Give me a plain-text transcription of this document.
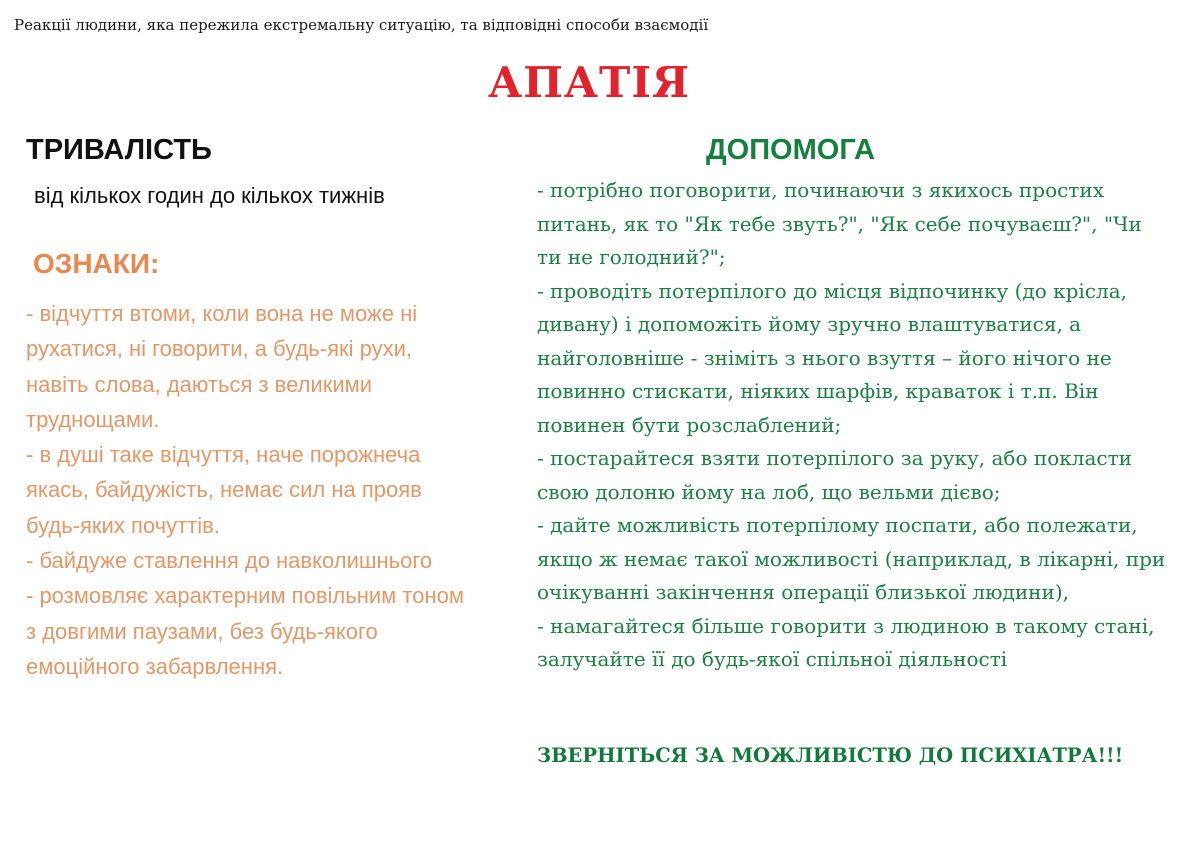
Реакції людини, яка пережила екстремальну ситуацію, та відповідні способи взаємодії
АПАТІЯ
ТРИВАЛІСТЬ
від кількох годин до кількох тижнів
ОЗНАКИ:
- відчуття втоми, коли вона не може ні рухатися, ні говорити, а будь-які рухи, навіть слова, даються з великими труднощами.
- в душі таке відчуття, наче порожнеча якась, байдужість, немає сил на прояв будь-яких почуттів.
- байдуже ставлення до навколишнього
- розмовляє характерним повільним тоном з довгими паузами, без будь-якого емоційного забарвлення.
ДОПОМОГА
- потрібно поговорити, починаючи з якихось простих питань, як то "Як тебе звуть?", "Як себе почуваєш?", "Чи ти не голодний?";
- проводіть потерпілого до місця відпочинку (до крісла, дивану) і допоможіть йому зручно влаштуватися, а найголовніше - зніміть з нього взуття – його нічого не повинно стискати, ніяких шарфів, краваток і т.п. Він повинен бути розслаблений;
- постарайтеся взяти потерпілого за руку, або покласти свою долоню йому на лоб, що вельми дієво;
- дайте можливість потерпілому поспати, або полежати, якщо ж немає такої можливості (наприклад, в лікарні, при очікуванні закінчення операції близької людини),
- намагайтеся більше говорити з людиною в такому стані, залучайте її до будь-якої спільної діяльності
ЗВЕРНІТЬСЯ ЗА МОЖЛИВІСТЮ ДО ПСИХІАТРА!!!
